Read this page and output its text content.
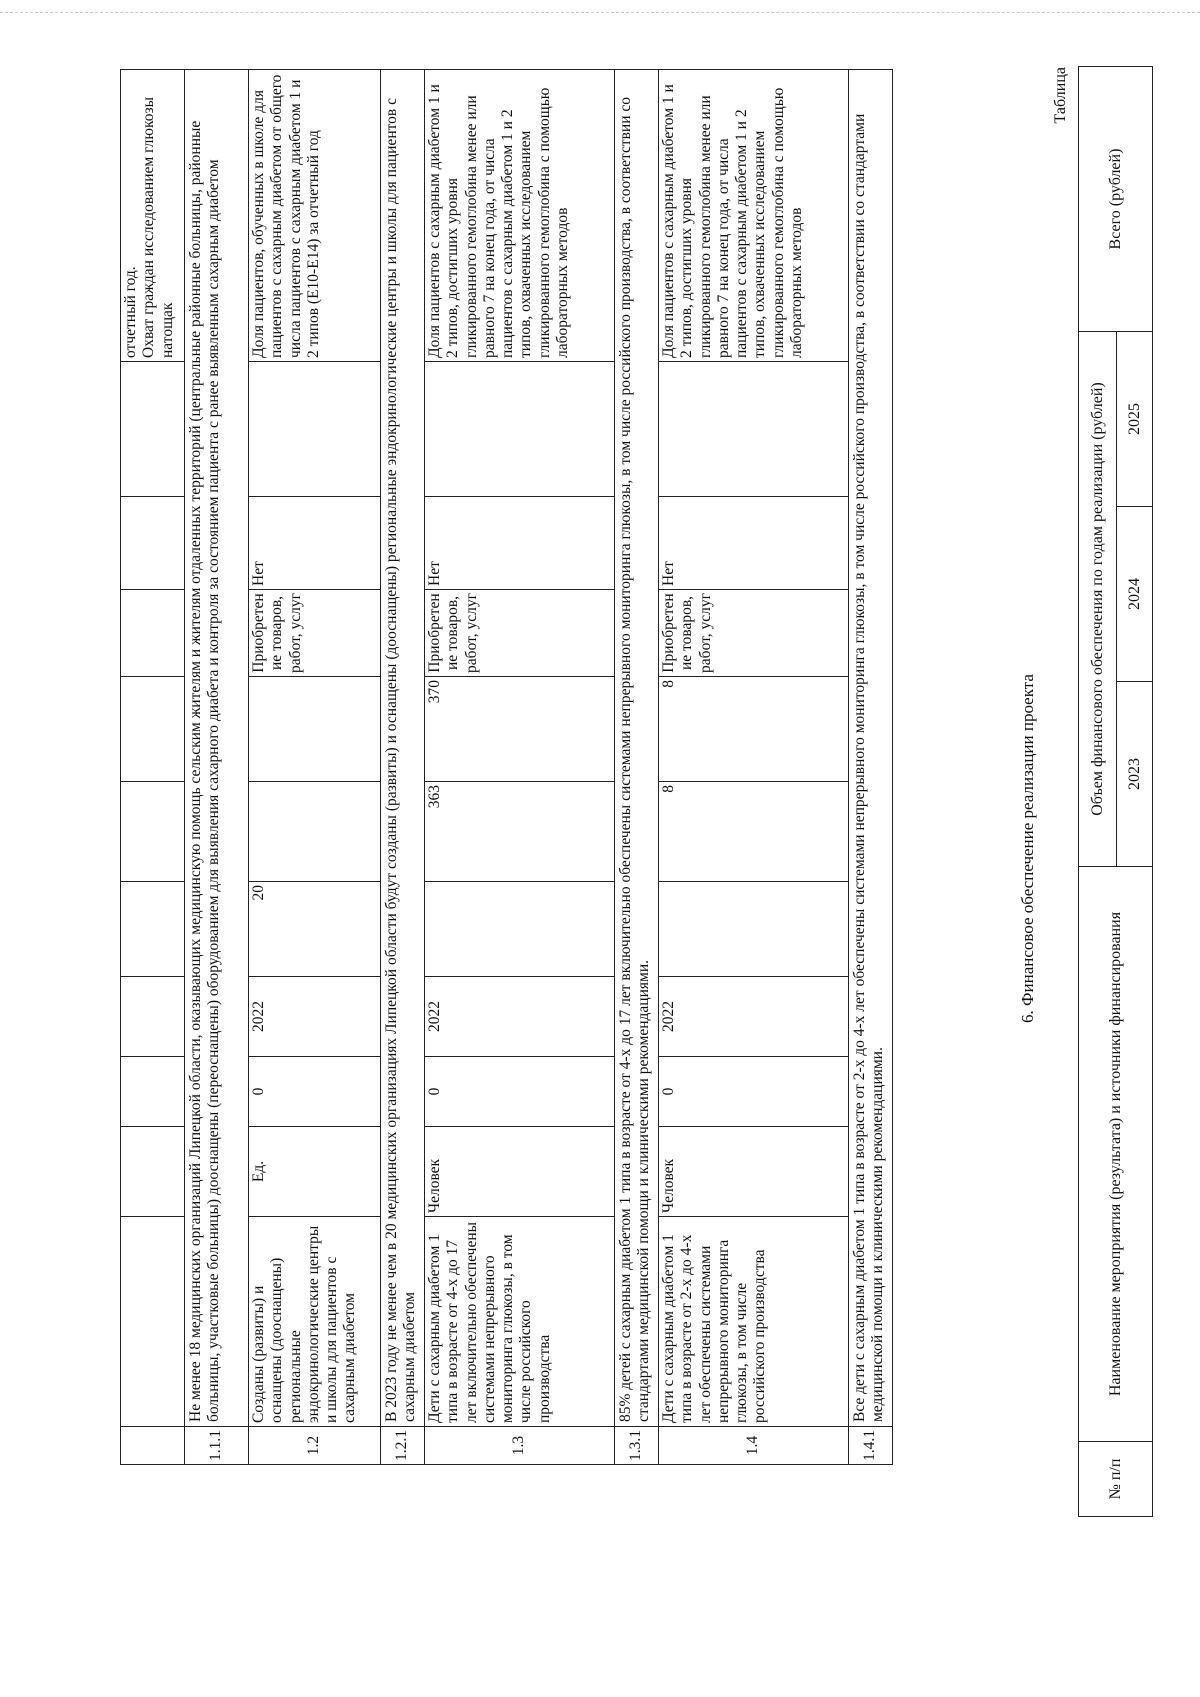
											отчетный год.
Охват граждан исследованием глюкозы натощак
1.1.1	Не менее 18 медицинских организаций Липецкой области, оказывающих медицинскую помощь сельским жителям и жителям отдаленных территорий (центральные районные больницы, районные больницы, участковые больницы) дооснащены (переоснащены) оборудованием для выявления сахарного диабета и контроля за состоянием пациента с ранее выявленным сахарным диабетом										
1.2	Созданы (развиты) и оснащены (дооснащены) региональные эндокринологические центры и школы для пациентов с сахарным диабетом	Ед.	0	2022	20			Приобретение товаров, работ, услуг	Нет		Доля пациентов, обученных в школе для пациентов с сахарным диабетом от общего числа пациентов с сахарным диабетом 1 и 2 типов (E10-E14) за отчетный год
1.2.1	В 2023 году не менее чем в 20 медицинских организациях Липецкой области будут созданы (развиты) и оснащены (дооснащены) региональные эндокринологические центры и школы для пациентов с сахарным диабетом										
1.3	Дети с сахарным диабетом 1 типа в возрасте от 4-х до 17 лет включительно обеспечены системами непрерывного мониторинга глюкозы, в том числе российского производства	Человек	0	2022		363	370	Приобретение товаров, работ, услуг	Нет		Доля пациентов с сахарным диабетом 1 и 2 типов, достигших уровня гликированного гемоглобина менее или равного 7 на конец года, от числа пациентов с сахарным диабетом 1 и 2 типов, охваченных исследованием гликированного гемоглобина с помощью лабораторных методов
1.3.1	85% детей с сахарным диабетом 1 типа в возрасте от 4-х до 17 лет включительно обеспечены системами непрерывного мониторинга глюкозы, в том числе российского производства, в соответствии со стандартами медицинской помощи и клиническими рекомендациями.										
1.4	Дети с сахарным диабетом 1 типа в возрасте от 2-х до 4-х лет обеспечены системами непрерывного мониторинга глюкозы, в том числе российского производства	Человек	0	2022		8	8	Приобретение товаров, работ, услуг	Нет		Доля пациентов с сахарным диабетом 1 и 2 типов, достигших уровня гликированного гемоглобина менее или равного 7 на конец года, от числа пациентов с сахарным диабетом 1 и 2 типов, охваченных исследованием гликированного гемоглобина с помощью лабораторных методов
1.4.1	Все дети с сахарным диабетом 1 типа в возрасте от 2-х до 4-х лет обеспечены системами непрерывного мониторинга глюкозы, в том числе российского производства, в соответствии со стандартами медицинской помощи и клиническими рекомендациями.										
6. Финансовое обеспечение реализации проекта
Таблица
№ п/п	Наименование мероприятия (результата) и источники финансирования	Объем финансового обеспечения по годам реализации (рублей)			Всего (рублей)
		2023	2024	2025	
